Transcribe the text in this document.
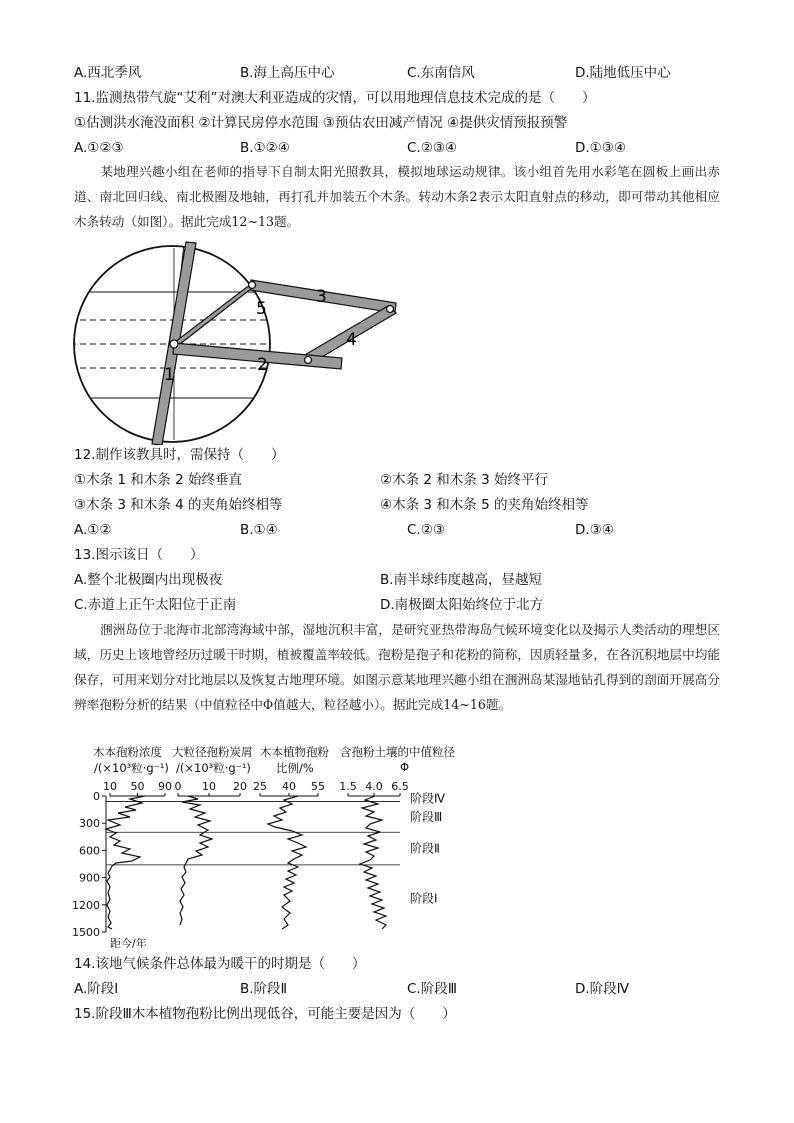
A.西北季风	B.海上高压中心	C.东南信风	D.陆地低压中心
11.监测热带气旋“艾利”对澳大利亚造成的灾情，可以用地理信息技术完成的是（　　）
①估测洪水淹没面积 ②计算民房停水范围 ③预估农田减产情况 ④提供灾情预报预警
A.①②③	B.①②④	C.②③④	D.①③④
某地理兴趣小组在老师的指导下自制太阳光照教具，模拟地球运动规律。该小组首先用水彩笔在圆板上画出赤道、南北回归线、南北极圈及地轴，再打孔并加装五个木条。转动木条2表示太阳直射点的移动，即可带动其他相应木条转动（如图）。据此完成12~13题。
1	2
3
4
5
12.制作该教具时，需保持（　　）
①木条 1 和木条 2 始终垂直	②木条 2 和木条 3 始终平行
③木条 3 和木条 4 的夹角始终相等	④木条 3 和木条 5 的夹角始终相等
A.①②	B.①④	C.②③	D.③④
13.图示该日（　　）
A.整个北极圈内出现极夜	B.南半球纬度越高，昼越短
C.赤道上正午太阳位于正南	D.南极圈太阳始终位于北方
涠洲岛位于北海市北部湾海域中部，湿地沉积丰富，是研究亚热带海岛气候环境变化以及揭示人类活动的理想区域，历史上该地曾经历过暖干时期，植被覆盖率较低。孢粉是孢子和花粉的简称，因质轻量多，在各沉积地层中均能保存，可用来划分对比地层以及恢复古地理环境。如图示意某地理兴趣小组在涠洲岛某湿地钻孔得到的剖面开展高分辨率孢粉分析的结果（中值粒径中Φ值越大，粒径越小）。据此完成14~16题。
木本孢粉浓度
/(×10³粒·g⁻¹)
大粒径孢粉炭屑
/(×10³粒·g⁻¹)
木本植物孢粉
比例/%
含孢粉土壤的中值粒径
Φ
0
300
600
900
1200
1500
距今/年
阶段Ⅳ
阶段Ⅲ
阶段Ⅱ
阶段Ⅰ
10 50 90 0 10 20 25 40 55 1.5 4.0 6.5
14.该地气候条件总体最为暖干的时期是（　　）
A.阶段Ⅰ	B.阶段Ⅱ	C.阶段Ⅲ	D.阶段Ⅳ
15.阶段Ⅲ木本植物孢粉比例出现低谷，可能主要是因为（　　）
